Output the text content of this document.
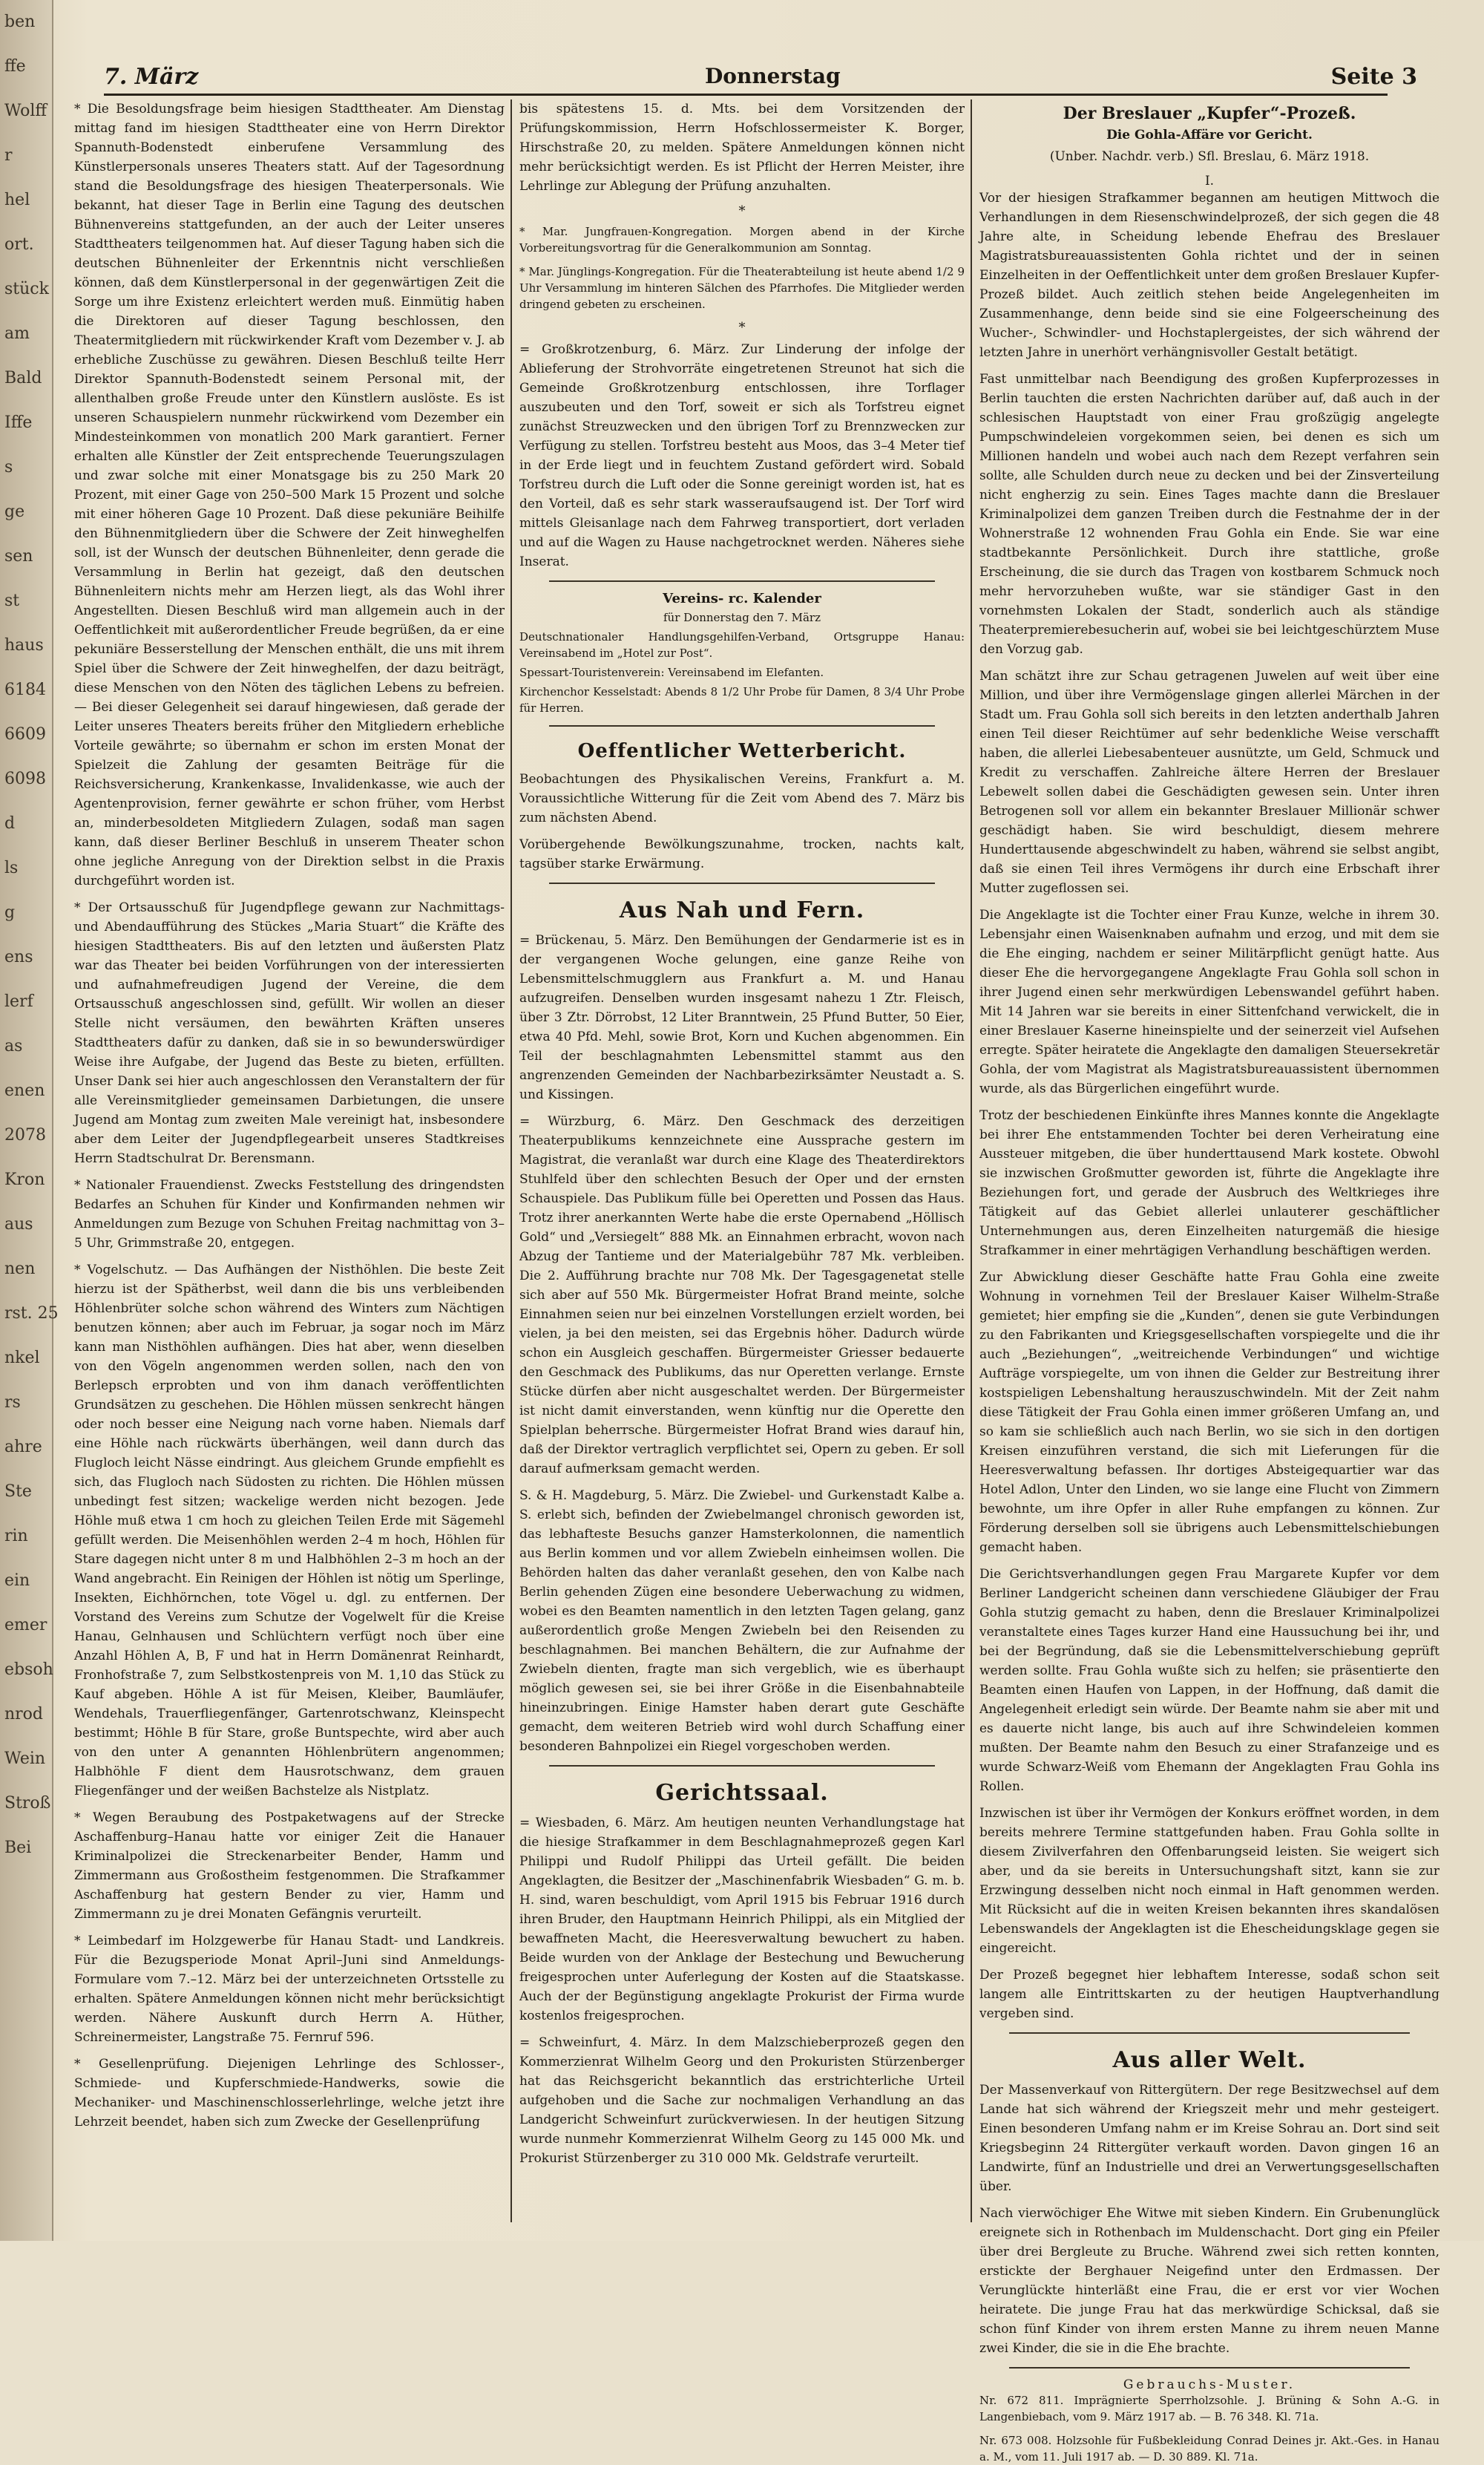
ben
ffe
Wolff
r
hel
ort.
stück
am
Bald
Iffe
s
ge
sen
st
haus
6184
6609
6098
d
ls
g
ens
lerf
as
enen
2078
Kron
aus
nen
rst. 25
nkel
rs
ahre
Ste
rin
ein
emer
ebsoh
nrod
Wein
Stroß
Bei
7. März	Donnerstag	Seite 3

* Die Besoldungsfrage beim hiesigen Stadttheater. Am Dienstag mittag fand im hiesigen Stadttheater eine von Herrn Direktor Spannuth-Bodenstedt einberufene Versammlung des Künstlerpersonals unseres Theaters statt. Auf der Tagesordnung stand die Besoldungsfrage des hiesigen Theaterpersonals. Wie bekannt, hat dieser Tage in Berlin eine Tagung des deutschen Bühnenvereins stattgefunden, an der auch der Leiter unseres Stadttheaters teilgenommen hat. Auf dieser Tagung haben sich die deutschen Bühnenleiter der Erkenntnis nicht verschließen können, daß dem Künstlerpersonal in der gegenwärtigen Zeit die Sorge um ihre Existenz erleichtert werden muß. Einmütig haben die Direktoren auf dieser Tagung beschlossen, den Theatermitgliedern mit rückwirkender Kraft vom Dezember v. J. ab erhebliche Zuschüsse zu gewähren. Diesen Beschluß teilte Herr Direktor Spannuth-Bodenstedt seinem Personal mit, der allenthalben große Freude unter den Künstlern auslöste. Es ist unseren Schauspielern nunmehr rückwirkend vom Dezember ein Mindesteinkommen von monatlich 200 Mark garantiert. Ferner erhalten alle Künstler der Zeit entsprechende Teuerungszulagen und zwar solche mit einer Monatsgage bis zu 250 Mark 20 Prozent, mit einer Gage von 250–500 Mark 15 Prozent und solche mit einer höheren Gage 10 Prozent. Daß diese pekuniäre Beihilfe den Bühnenmitgliedern über die Schwere der Zeit hinweghelfen soll, ist der Wunsch der deutschen Bühnenleiter, denn gerade die Versammlung in Berlin hat gezeigt, daß den deutschen Bühnenleitern nichts mehr am Herzen liegt, als das Wohl ihrer Angestellten. Diesen Beschluß wird man allgemein auch in der Oeffentlichkeit mit außerordentlicher Freude begrüßen, da er eine pekuniäre Besserstellung der Menschen enthält, die uns mit ihrem Spiel über die Schwere der Zeit hinweghelfen, der dazu beiträgt, diese Menschen von den Nöten des täglichen Lebens zu befreien. — Bei dieser Gelegenheit sei darauf hingewiesen, daß gerade der Leiter unseres Theaters bereits früher den Mitgliedern erhebliche Vorteile gewährte; so übernahm er schon im ersten Monat der Spielzeit die Zahlung der gesamten Beiträge für die Reichsversicherung, Krankenkasse, Invalidenkasse, wie auch der Agentenprovision, ferner gewährte er schon früher, vom Herbst an, minderbesoldeten Mitgliedern Zulagen, sodaß man sagen kann, daß dieser Berliner Beschluß in unserem Theater schon ohne jegliche Anregung von der Direktion selbst in die Praxis durchgeführt worden ist.

* Der Ortsausschuß für Jugendpflege gewann zur Nachmittags- und Abendaufführung des Stückes „Maria Stuart“ die Kräfte des hiesigen Stadttheaters. Bis auf den letzten und äußersten Platz war das Theater bei beiden Vorführungen von der interessierten und aufnahmefreudigen Jugend der Vereine, die dem Ortsausschuß angeschlossen sind, gefüllt. Wir wollen an dieser Stelle nicht versäumen, den bewährten Kräften unseres Stadttheaters dafür zu danken, daß sie in so bewunderswürdiger Weise ihre Aufgabe, der Jugend das Beste zu bieten, erfüllten. Unser Dank sei hier auch angeschlossen den Veranstaltern der für alle Vereinsmitglieder gemeinsamen Darbietungen, die unsere Jugend am Montag zum zweiten Male vereinigt hat, insbesondere aber dem Leiter der Jugendpflegearbeit unseres Stadtkreises Herrn Stadtschulrat Dr. Berensmann.

* Nationaler Frauendienst. Zwecks Feststellung des dringendsten Bedarfes an Schuhen für Kinder und Konfirmanden nehmen wir Anmeldungen zum Bezuge von Schuhen Freitag nachmittag von 3–5 Uhr, Grimmstraße 20, entgegen.

* Vogelschutz. — Das Aufhängen der Nisthöhlen. Die beste Zeit hierzu ist der Spätherbst, weil dann die bis uns verbleibenden Höhlenbrüter solche schon während des Winters zum Nächtigen benutzen können; aber auch im Februar, ja sogar noch im März kann man Nisthöhlen aufhängen. Dies hat aber, wenn dieselben von den Vögeln angenommen werden sollen, nach den von Berlepsch erprobten und von ihm danach veröffentlichten Grundsätzen zu geschehen. Die Höhlen müssen senkrecht hängen oder noch besser eine Neigung nach vorne haben. Niemals darf eine Höhle nach rückwärts überhängen, weil dann durch das Flugloch leicht Nässe eindringt. Aus gleichem Grunde empfiehlt es sich, das Flugloch nach Südosten zu richten. Die Höhlen müssen unbedingt fest sitzen; wackelige werden nicht bezogen. Jede Höhle muß etwa 1 cm hoch zu gleichen Teilen Erde mit Sägemehl gefüllt werden. Die Meisenhöhlen werden 2–4 m hoch, Höhlen für Stare dagegen nicht unter 8 m und Halbhöhlen 2–3 m hoch an der Wand angebracht. Ein Reinigen der Höhlen ist nötig um Sperlinge, Insekten, Eichhörnchen, tote Vögel u. dgl. zu entfernen. Der Vorstand des Vereins zum Schutze der Vogelwelt für die Kreise Hanau, Gelnhausen und Schlüchtern verfügt noch über eine Anzahl Höhlen A, B, F und hat in Herrn Domänenrat Reinhardt, Fronhofstraße 7, zum Selbstkostenpreis von M. 1,10 das Stück zu Kauf abgeben. Höhle A ist für Meisen, Kleiber, Baumläufer, Wendehals, Trauerfliegenfänger, Gartenrotschwanz, Kleinspecht bestimmt; Höhle B für Stare, große Buntspechte, wird aber auch von den unter A genannten Höhlenbrütern angenommen; Halbhöhle F dient dem Hausrotschwanz, dem grauen Fliegenfänger und der weißen Bachstelze als Nistplatz.

* Wegen Beraubung des Postpaketwagens auf der Strecke Aschaffenburg–Hanau hatte vor einiger Zeit die Hanauer Kriminalpolizei die Streckenarbeiter Bender, Hamm und Zimmermann aus Großostheim festgenommen. Die Strafkammer Aschaffenburg hat gestern Bender zu vier, Hamm und Zimmermann zu je drei Monaten Gefängnis verurteilt.

* Leimbedarf im Holzgewerbe für Hanau Stadt- und Landkreis. Für die Bezugsperiode Monat April–Juni sind Anmeldungs-Formulare vom 7.–12. März bei der unterzeichneten Ortsstelle zu erhalten. Spätere Anmeldungen können nicht mehr berücksichtigt werden. Nähere Auskunft durch Herrn A. Hüther, Schreinermeister, Langstraße 75. Fernruf 596.

* Gesellenprüfung. Diejenigen Lehrlinge des Schlosser-, Schmiede- und Kupferschmiede-Handwerks, sowie die Mechaniker- und Maschinenschlosserlehrlinge, welche jetzt ihre Lehrzeit beendet, haben sich zum Zwecke der Gesellenprüfung

bis spätestens 15. d. Mts. bei dem Vorsitzenden der Prüfungskommission, Herrn Hofschlossermeister K. Borger, Hirschstraße 20, zu melden. Spätere Anmeldungen können nicht mehr berücksichtigt werden. Es ist Pflicht der Herren Meister, ihre Lehrlinge zur Ablegung der Prüfung anzuhalten.

*

* Mar. Jungfrauen-Kongregation. Morgen abend in der Kirche Vorbereitungsvortrag für die Generalkommunion am Sonntag.

* Mar. Jünglings-Kongregation. Für die Theaterabteilung ist heute abend 1/2 9 Uhr Versammlung im hinteren Sälchen des Pfarrhofes. Die Mitglieder werden dringend gebeten zu erscheinen.

*

= Großkrotzenburg, 6. März. Zur Linderung der infolge der Ablieferung der Strohvorräte eingetretenen Streunot hat sich die Gemeinde Großkrotzenburg entschlossen, ihre Torflager auszubeuten und den Torf, soweit er sich als Torfstreu eignet zunächst Streuzwecken und den übrigen Torf zu Brennzwecken zur Verfügung zu stellen. Torfstreu besteht aus Moos, das 3–4 Meter tief in der Erde liegt und in feuchtem Zustand gefördert wird. Sobald Torfstreu durch die Luft oder die Sonne gereinigt worden ist, hat es den Vorteil, daß es sehr stark wasseraufsaugend ist. Der Torf wird mittels Gleisanlage nach dem Fahrweg transportiert, dort verladen und auf die Wagen zu Hause nachgetrocknet werden. Näheres siehe Inserat.

Vereins- rc. Kalender
für Donnerstag den 7. März

Deutschnationaler Handlungsgehilfen-Verband, Ortsgruppe Hanau: Vereinsabend im „Hotel zur Post“.

Spessart-Touristenverein: Vereinsabend im Elefanten.

Kirchenchor Kesselstadt: Abends 8 1/2 Uhr Probe für Damen, 8 3/4 Uhr Probe für Herren.

Oeffentlicher Wetterbericht.

Beobachtungen des Physikalischen Vereins, Frankfurt a. M. Voraussichtliche Witterung für die Zeit vom Abend des 7. März bis zum nächsten Abend.

Vorübergehende Bewölkungszunahme, trocken, nachts kalt, tagsüber starke Erwärmung.

Aus Nah und Fern.

= Brückenau, 5. März. Den Bemühungen der Gendarmerie ist es in der vergangenen Woche gelungen, eine ganze Reihe von Lebensmittelschmugglern aus Frankfurt a. M. und Hanau aufzugreifen. Denselben wurden insgesamt nahezu 1 Ztr. Fleisch, über 3 Ztr. Dörrobst, 12 Liter Branntwein, 25 Pfund Butter, 50 Eier, etwa 40 Pfd. Mehl, sowie Brot, Korn und Kuchen abgenommen. Ein Teil der beschlagnahmten Lebensmittel stammt aus den angrenzenden Gemeinden der Nachbarbezirksämter Neustadt a. S. und Kissingen.

= Würzburg, 6. März. Den Geschmack des derzeitigen Theaterpublikums kennzeichnete eine Aussprache gestern im Magistrat, die veranlaßt war durch eine Klage des Theaterdirektors Stuhlfeld über den schlechten Besuch der Oper und der ernsten Schauspiele. Das Publikum fülle bei Operetten und Possen das Haus. Trotz ihrer anerkannten Werte habe die erste Opernabend „Höllisch Gold“ und „Versiegelt“ 888 Mk. an Einnahmen erbracht, wovon nach Abzug der Tantieme und der Materialgebühr 787 Mk. verbleiben. Die 2. Aufführung brachte nur 708 Mk. Der Tagesgagenetat stelle sich aber auf 550 Mk. Bürgermeister Hofrat Brand meinte, solche Einnahmen seien nur bei einzelnen Vorstellungen erzielt worden, bei vielen, ja bei den meisten, sei das Ergebnis höher. Dadurch würde schon ein Ausgleich geschaffen. Bürgermeister Griesser bedauerte den Geschmack des Publikums, das nur Operetten verlange. Ernste Stücke dürfen aber nicht ausgeschaltet werden. Der Bürgermeister ist nicht damit einverstanden, wenn künftig nur die Operette den Spielplan beherrsche. Bürgermeister Hofrat Brand wies darauf hin, daß der Direktor vertraglich verpflichtet sei, Opern zu geben. Er soll darauf aufmerksam gemacht werden.

S. & H. Magdeburg, 5. März. Die Zwiebel- und Gurkenstadt Kalbe a. S. erlebt sich, befinden der Zwiebelmangel chronisch geworden ist, das lebhafteste Besuchs ganzer Hamsterkolonnen, die namentlich aus Berlin kommen und vor allem Zwiebeln einheimsen wollen. Die Behörden halten das daher veranlaßt gesehen, den von Kalbe nach Berlin gehenden Zügen eine besondere Ueberwachung zu widmen, wobei es den Beamten namentlich in den letzten Tagen gelang, ganz außerordentlich große Mengen Zwiebeln bei den Reisenden zu beschlagnahmen. Bei manchen Behältern, die zur Aufnahme der Zwiebeln dienten, fragte man sich vergeblich, wie es überhaupt möglich gewesen sei, sie bei ihrer Größe in die Eisenbahnabteile hineinzubringen. Einige Hamster haben derart gute Geschäfte gemacht, dem weiteren Betrieb wird wohl durch Schaffung einer besonderen Bahnpolizei ein Riegel vorgeschoben werden.

Gerichtssaal.

= Wiesbaden, 6. März. Am heutigen neunten Verhandlungstage hat die hiesige Strafkammer in dem Beschlagnahmeprozeß gegen Karl Philippi und Rudolf Philippi das Urteil gefällt. Die beiden Angeklagten, die Besitzer der „Maschinenfabrik Wiesbaden“ G. m. b. H. sind, waren beschuldigt, vom April 1915 bis Februar 1916 durch ihren Bruder, den Hauptmann Heinrich Philippi, als ein Mitglied der bewaffneten Macht, die Heeresverwaltung bewuchert zu haben. Beide wurden von der Anklage der Bestechung und Bewucherung freigesprochen unter Auferlegung der Kosten auf die Staatskasse. Auch der der Begünstigung angeklagte Prokurist der Firma wurde kostenlos freigesprochen.

= Schweinfurt, 4. März. In dem Malzschieberprozeß gegen den Kommerzienrat Wilhelm Georg und den Prokuristen Stürzenberger hat das Reichsgericht bekanntlich das erstrichterliche Urteil aufgehoben und die Sache zur nochmaligen Verhandlung an das Landgericht Schweinfurt zurückverwiesen. In der heutigen Sitzung wurde nunmehr Kommerzienrat Wilhelm Georg zu 145 000 Mk. und Prokurist Stürzenberger zu 310 000 Mk. Geldstrafe verurteilt.

Der Breslauer „Kupfer“-Prozeß.
Die Gohla-Affäre vor Gericht.

(Unber. Nachdr. verb.) Sfl. Breslau, 6. März 1918.

I.

Vor der hiesigen Strafkammer begannen am heutigen Mittwoch die Verhandlungen in dem Riesenschwindelprozeß, der sich gegen die 48 Jahre alte, in Scheidung lebende Ehefrau des Breslauer Magistratsbureauassistenten Gohla richtet und der in seinen Einzelheiten in der Oeffentlichkeit unter dem großen Breslauer Kupfer-Prozeß bildet. Auch zeitlich stehen beide Angelegenheiten im Zusammenhange, denn beide sind sie eine Folgeerscheinung des Wucher-, Schwindler- und Hochstaplergeistes, der sich während der letzten Jahre in unerhört verhängnisvoller Gestalt betätigt.

Fast unmittelbar nach Beendigung des großen Kupferprozesses in Berlin tauchten die ersten Nachrichten darüber auf, daß auch in der schlesischen Hauptstadt von einer Frau großzügig angelegte Pumpschwindeleien vorgekommen seien, bei denen es sich um Millionen handeln und wobei auch nach dem Rezept verfahren sein sollte, alle Schulden durch neue zu decken und bei der Zinsverteilung nicht engherzig zu sein. Eines Tages machte dann die Breslauer Kriminalpolizei dem ganzen Treiben durch die Festnahme der in der Wohnerstraße 12 wohnenden Frau Gohla ein Ende. Sie war eine stadtbekannte Persönlichkeit. Durch ihre stattliche, große Erscheinung, die sie durch das Tragen von kostbarem Schmuck noch mehr hervorzuheben wußte, war sie ständiger Gast in den vornehmsten Lokalen der Stadt, sonderlich auch als ständige Theaterpremierebesucherin auf, wobei sie bei leichtgeschürztem Muse den Vorzug gab.

Man schätzt ihre zur Schau getragenen Juwelen auf weit über eine Million, und über ihre Vermögenslage gingen allerlei Märchen in der Stadt um. Frau Gohla soll sich bereits in den letzten anderthalb Jahren einen Teil dieser Reichtümer auf sehr bedenkliche Weise verschafft haben, die allerlei Liebesabenteuer ausnützte, um Geld, Schmuck und Kredit zu verschaffen. Zahlreiche ältere Herren der Breslauer Lebewelt sollen dabei die Geschädigten gewesen sein. Unter ihren Betrogenen soll vor allem ein bekannter Breslauer Millionär schwer geschädigt haben. Sie wird beschuldigt, diesem mehrere Hunderttausende abgeschwindelt zu haben, während sie selbst angibt, daß sie einen Teil ihres Vermögens ihr durch eine Erbschaft ihrer Mutter zugeflossen sei.

Die Angeklagte ist die Tochter einer Frau Kunze, welche in ihrem 30. Lebensjahr einen Waisenknaben aufnahm und erzog, und mit dem sie die Ehe einging, nachdem er seiner Militärpflicht genügt hatte. Aus dieser Ehe die hervorgegangene Angeklagte Frau Gohla soll schon in ihrer Jugend einen sehr merkwürdigen Lebenswandel geführt haben. Mit 14 Jahren war sie bereits in einer Sittenfchand verwickelt, die in einer Breslauer Kaserne hineinspielte und der seinerzeit viel Aufsehen erregte. Später heiratete die Angeklagte den damaligen Steuersekretär Gohla, der vom Magistrat als Magistratsbureauassistent übernommen wurde, als das Bürgerlichen eingeführt wurde.

Trotz der beschiedenen Einkünfte ihres Mannes konnte die Angeklagte bei ihrer Ehe entstammenden Tochter bei deren Verheiratung eine Aussteuer mitgeben, die über hunderttausend Mark kostete. Obwohl sie inzwischen Großmutter geworden ist, führte die Angeklagte ihre Beziehungen fort, und gerade der Ausbruch des Weltkrieges ihre Tätigkeit auf das Gebiet allerlei unlauterer geschäftlicher Unternehmungen aus, deren Einzelheiten naturgemäß die hiesige Strafkammer in einer mehrtägigen Verhandlung beschäftigen werden.

Zur Abwicklung dieser Geschäfte hatte Frau Gohla eine zweite Wohnung in vornehmen Teil der Breslauer Kaiser Wilhelm-Straße gemietet; hier empfing sie die „Kunden“, denen sie gute Verbindungen zu den Fabrikanten und Kriegsgesellschaften vorspiegelte und die ihr auch „Beziehungen“, „weitreichende Verbindungen“ und wichtige Aufträge vorspiegelte, um von ihnen die Gelder zur Bestreitung ihrer kostspieligen Lebenshaltung herauszuschwindeln. Mit der Zeit nahm diese Tätigkeit der Frau Gohla einen immer größeren Umfang an, und so kam sie schließlich auch nach Berlin, wo sie sich in den dortigen Kreisen einzuführen verstand, die sich mit Lieferungen für die Heeresverwaltung befassen. Ihr dortiges Absteigequartier war das Hotel Adlon, Unter den Linden, wo sie lange eine Flucht von Zimmern bewohnte, um ihre Opfer in aller Ruhe empfangen zu können. Zur Förderung derselben soll sie übrigens auch Lebensmittelschiebungen gemacht haben.

Die Gerichtsverhandlungen gegen Frau Margarete Kupfer vor dem Berliner Landgericht scheinen dann verschiedene Gläubiger der Frau Gohla stutzig gemacht zu haben, denn die Breslauer Kriminalpolizei veranstaltete eines Tages kurzer Hand eine Haussuchung bei ihr, und bei der Begründung, daß sie die Lebensmittelverschiebung geprüft werden sollte. Frau Gohla wußte sich zu helfen; sie präsentierte den Beamten einen Haufen von Lappen, in der Hoffnung, daß damit die Angelegenheit erledigt sein würde. Der Beamte nahm sie aber mit und es dauerte nicht lange, bis auch auf ihre Schwindeleien kommen mußten. Der Beamte nahm den Besuch zu einer Strafanzeige und es wurde Schwarz-Weiß vom Ehemann der Angeklagten Frau Gohla ins Rollen.

Inzwischen ist über ihr Vermögen der Konkurs eröffnet worden, in dem bereits mehrere Termine stattgefunden haben. Frau Gohla sollte in diesem Zivilverfahren den Offenbarungseid leisten. Sie weigert sich aber, und da sie bereits in Untersuchungshaft sitzt, kann sie zur Erzwingung desselben nicht noch einmal in Haft genommen werden. Mit Rücksicht auf die in weiten Kreisen bekannten ihres skandalösen Lebenswandels der Angeklagten ist die Ehescheidungsklage gegen sie eingereicht.

Der Prozeß begegnet hier lebhaftem Interesse, sodaß schon seit langem alle Eintrittskarten zu der heutigen Hauptverhandlung vergeben sind.

Aus aller Welt.

Der Massenverkauf von Rittergütern. Der rege Besitzwechsel auf dem Lande hat sich während der Kriegszeit mehr und mehr gesteigert. Einen besonderen Umfang nahm er im Kreise Sohrau an. Dort sind seit Kriegsbeginn 24 Rittergüter verkauft worden. Davon gingen 16 an Landwirte, fünf an Industrielle und drei an Verwertungsgesellschaften über.

Nach vierwöchiger Ehe Witwe mit sieben Kindern. Ein Grubenunglück ereignete sich in Rothenbach im Muldenschacht. Dort ging ein Pfeiler über drei Bergleute zu Bruche. Während zwei sich retten konnten, erstickte der Berghauer Neigefind unter den Erdmassen. Der Verunglückte hinterläßt eine Frau, die er erst vor vier Wochen heiratete. Die junge Frau hat das merkwürdige Schicksal, daß sie schon fünf Kinder von ihrem ersten Manne zu ihrem neuen Manne zwei Kinder, die sie in die Ehe brachte.

Gebrauchs-Muster.

Nr. 672 811. Imprägnierte Sperrholzsohle. J. Brüning & Sohn A.-G. in Langenbiebach, vom 9. März 1917 ab. — B. 76 348. Kl. 71a.

Nr. 673 008. Holzsohle für Fußbekleidung Conrad Deines jr. Akt.-Ges. in Hanau a. M., vom 11. Juli 1917 ab. — D. 30 889. Kl. 71a.
